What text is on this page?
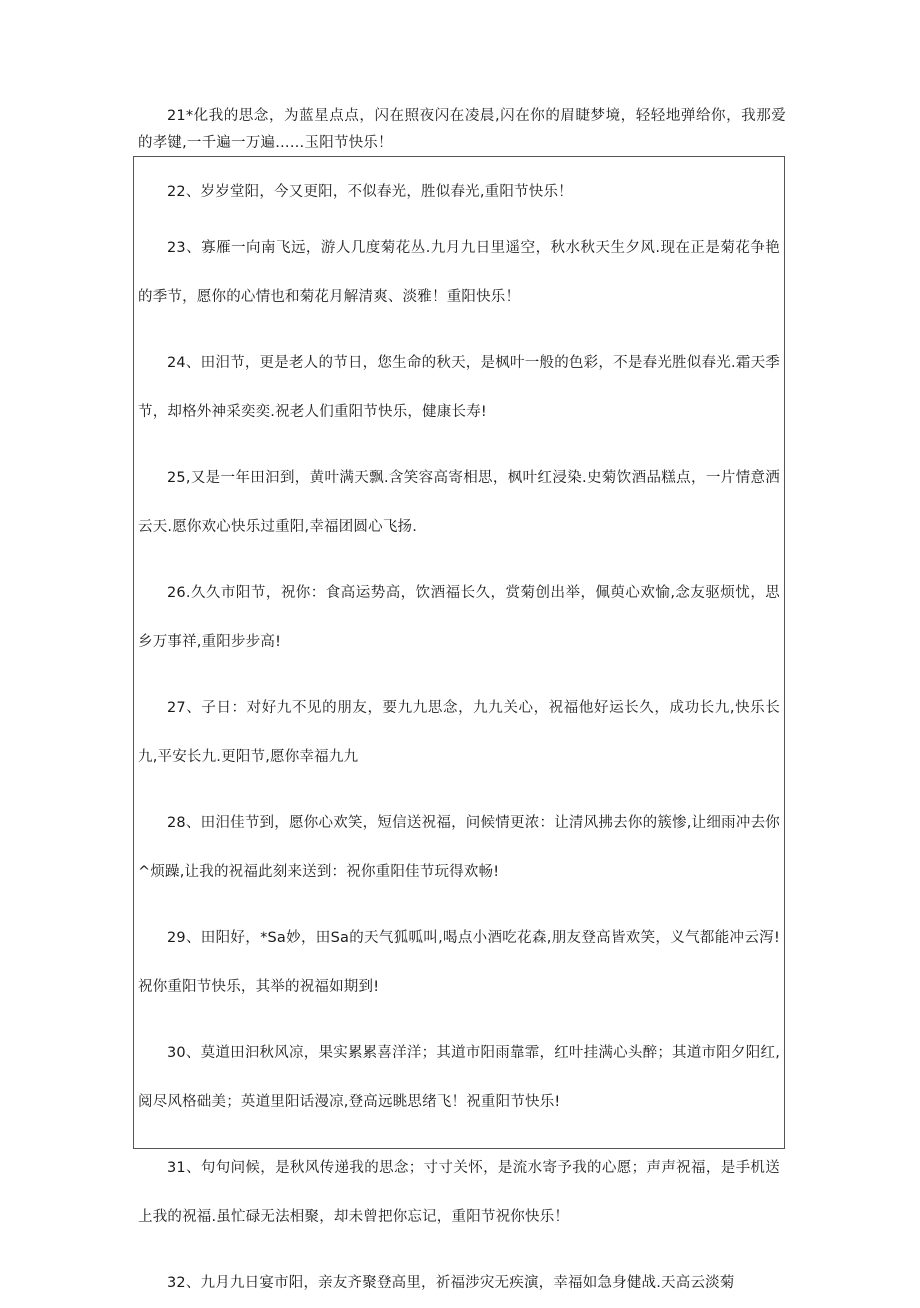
21*化我的思念，为蓝星点点，闪在照夜闪在凌晨,闪在你的眉睫梦境，轻轻地弹给你，我那爱的孝键,一千遍一万遍……玉阳节快乐！

22、岁岁堂阳，今又更阳，不似春光，胜似春光,重阳节快乐！

23、寡雁一向南飞远，游人几度菊花丛.九月九日里遥空，秋水秋天生夕风.现在正是菊花争艳的季节，愿你的心情也和菊花月解清爽、淡雅！重阳快乐！

24、田汨节，更是老人的节日，您生命的秋天，是枫叶一般的色彩，不是春光胜似春光.霜天季节，却格外神采奕奕.祝老人们重阳节快乐，健康长寿!

25,又是一年田汩到，黄叶满天飘.含笑容高寄相思，枫叶红浸染.史菊饮酒品糕点，一片情意洒云天.愿你欢心快乐过重阳,幸福团圆心飞扬.

26.久久市阳节，祝你：食高运势高，饮酒福长久，赏菊创出举，佩萸心欢愉,念友驱烦忧，思乡万事祥,重阳步步高!

27、子日：对好九不见的朋友，要九九思念，九九关心，祝福他好运长久，成功长九,快乐长九,平安长九.更阳节,愿你幸福九九

28、田汨佳节到，愿你心欢笑，短信送祝福，问候情更浓：让清风拂去你的簇惨,让细雨冲去你^烦躁,让我的祝福此刻来送到：祝你重阳佳节玩得欢畅!

29、田阳好，*Sa妙，田Sa的天气狐呱叫,喝点小酒吃花森,朋友登高皆欢笑，义气都能冲云泻!祝你重阳节快乐，其举的祝福如期到!

30、莫道田汩秋风凉，果实累累喜洋洋；其道市阳雨靠霏，红叶挂满心头醉；其道市阳夕阳红,阅尽风格础美；英道里阳话漫凉,登高远眺思绪飞！祝重阳节快乐!

31、句句问候，是秋风传递我的思念；寸寸关怀，是流水寄予我的心愿；声声祝福，是手机送上我的祝福.虽忙碌无法相聚，却未曾把你忘记，重阳节祝你快乐！

32、九月九日宴市阳，亲友齐聚登高里，祈福涉灾无疾演，幸福如急身健战.天高云淡菊
